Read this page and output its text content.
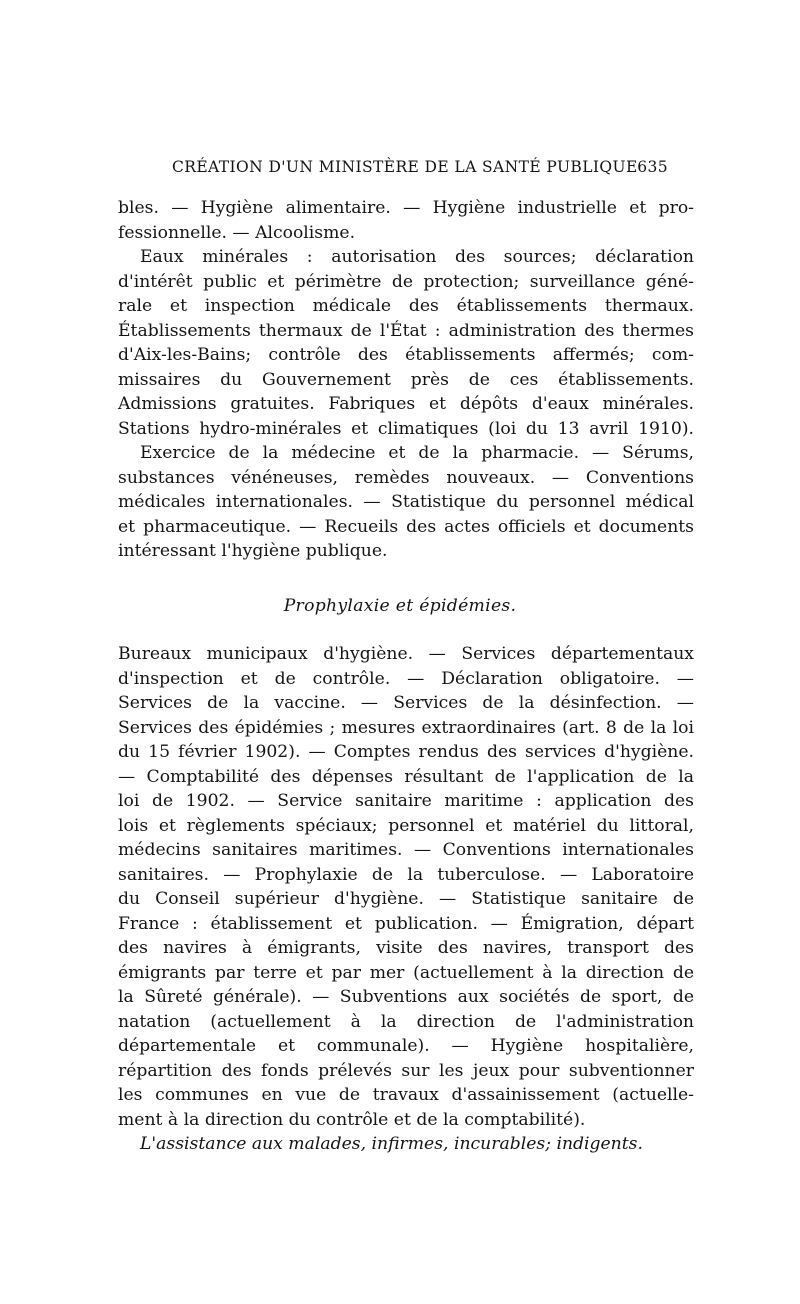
CRÉATION D'UN MINISTÈRE DE LA SANTÉ PUBLIQUE 635
bles. — Hygiène alimentaire. — Hygiène industrielle et pro-
fessionnelle. — Alcoolisme.
Eaux minérales : autorisation des sources; déclaration
d'intérêt public et périmètre de protection; surveillance géné-
rale et inspection médicale des établissements thermaux.
Établissements thermaux de l'État : administration des thermes
d'Aix-les-Bains; contrôle des établissements affermés; com-
missaires du Gouvernement près de ces établissements.
Admissions gratuites. Fabriques et dépôts d'eaux minérales.
Stations hydro-minérales et climatiques (loi du 13 avril 1910).
Exercice de la médecine et de la pharmacie. — Sérums,
substances vénéneuses, remèdes nouveaux. — Conventions
médicales internationales. — Statistique du personnel médical
et pharmaceutique. — Recueils des actes officiels et documents
intéressant l'hygiène publique.
Prophylaxie et épidémies.
Bureaux municipaux d'hygiène. — Services départementaux
d'inspection et de contrôle. — Déclaration obligatoire. —
Services de la vaccine. — Services de la désinfection. —
Services des épidémies ; mesures extraordinaires (art. 8 de la loi
du 15 février 1902). — Comptes rendus des services d'hygiène.
— Comptabilité des dépenses résultant de l'application de la
loi de 1902. — Service sanitaire maritime : application des
lois et règlements spéciaux; personnel et matériel du littoral,
médecins sanitaires maritimes. — Conventions internationales
sanitaires. — Prophylaxie de la tuberculose. — Laboratoire
du Conseil supérieur d'hygiène. — Statistique sanitaire de
France : établissement et publication. — Émigration, départ
des navires à émigrants, visite des navires, transport des
émigrants par terre et par mer (actuellement à la direction de
la Sûreté générale). — Subventions aux sociétés de sport, de
natation (actuellement à la direction de l'administration
départementale et communale). — Hygiène hospitalière,
répartition des fonds prélevés sur les jeux pour subventionner
les communes en vue de travaux d'assainissement (actuelle-
ment à la direction du contrôle et de la comptabilité).
L'assistance aux malades, infirmes, incurables; indigents.
